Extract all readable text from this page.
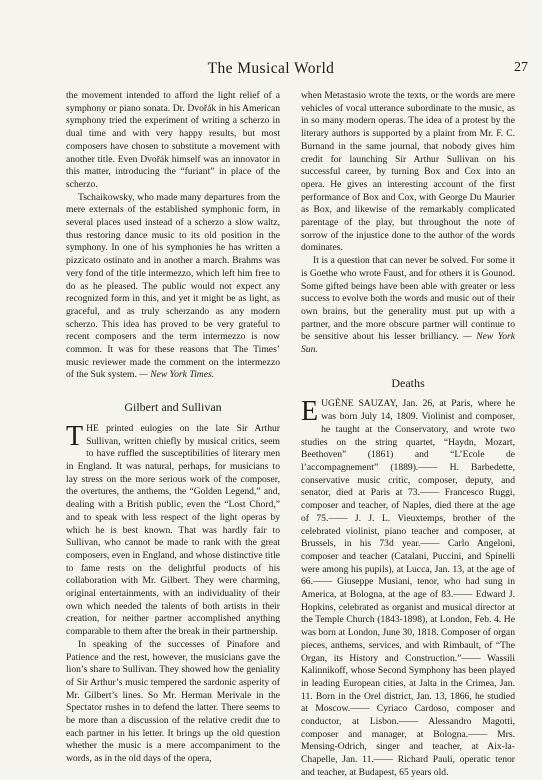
The Musical World	27

the movement intended to afford the light relief of a symphony or piano sonata. Dr. Dvořák in his American symphony tried the experiment of writing a scherzo in dual time and with very happy results, but most composers have chosen to substitute a movement with another title. Even Dvořák himself was an innovator in this matter, introducing the “furiant” in place of the scherzo.

Tschaikowsky, who made many departures from the mere externals of the established symphonic form, in several places used instead of a scherzo a slow waltz, thus restoring dance music to its old position in the symphony. In one of his symphonies he has written a pizzicato ostinato and in another a march. Brahms was very fond of the title intermezzo, which left him free to do as he pleased. The public would not expect any recognized form in this, and yet it might be as light, as graceful, and as truly scherzando as any modern scherzo. This idea has proved to be very grateful to recent composers and the term intermezzo is now common. It was for these reasons that The Times’ music reviewer made the comment on the intermezzo of the Suk system. — New York Times.

Gilbert and Sullivan

THE printed eulogies on the late Sir Arthur Sullivan, written chiefly by musical critics, seem to have ruffled the susceptibilities of literary men in England. It was natural, perhaps, for musicians to lay stress on the more serious work of the composer, the overtures, the anthems, the “Golden Legend,” and, dealing with a British public, even the “Lost Chord,” and to speak with less respect of the light operas by which he is best known. That was hardly fair to Sullivan, who cannot be made to rank with the great composers, even in England, and whose distinctive title to fame rests on the delightful products of his collaboration with Mr. Gilbert. They were charming, original entertainments, with an individuality of their own which needed the talents of both artists in their creation, for neither partner accomplished anything comparable to them after the break in their partnership.

In speaking of the successes of Pinafore and Patience and the rest, however, the musicians gave the lion’s share to Sullivan. They showed how the geniality of Sir Arthur’s music tempered the sardonic asperity of Mr. Gilbert’s lines. So Mr. Herman Merivale in the Spectator rushes in to defend the latter. There seems to be more than a discussion of the relative credit due to each partner in his letter. It brings up the old question whether the music is a mere accompaniment to the words, as in the old days of the opera,

when Metastasio wrote the texts, or the words are mere vehicles of vocal utterance subordinate to the music, as in so many modern operas. The idea of a protest by the literary authors is supported by a plaint from Mr. F. C. Burnand in the same journal, that nobody gives him credit for launching Sir Arthur Sullivan on his successful career, by turning Box and Cox into an opera. He gives an interesting account of the first performance of Box and Cox, with George Du Maurier as Box, and likewise of the remarkably complicated parentage of the play, but throughout the note of sorrow of the injustice done to the author of the words dominates.

It is a question that can never be solved. For some it is Goethe who wrote Faust, and for others it is Gounod. Some gifted beings have been able with greater or less success to evolve both the words and music out of their own brains, but the generality must put up with a partner, and the more obscure partner will continue to be sensitive about his lesser brilliancy. — New York Sun.

Deaths

EUGÈNE SAUZAY, Jan. 26, at Paris, where he was born July 14, 1809. Violinist and composer, he taught at the Conservatory, and wrote two studies on the string quartet, “Haydn, Mozart, Beethoven” (1861) and “L’Ecole de l’accompagnement” (1889).—— H. Barbedette, conservative music critic, composer, deputy, and senator, died at Paris at 73.—— Francesco Ruggi, composer and teacher, of Naples, died there at the age of 75.—— J. J. L. Vieuxtemps, brother of the celebrated violinist, piano teacher and composer, at Brussels, in his 73d year.—— Carlo Angeloni, composer and teacher (Catalani, Puccini, and Spinelli were among his pupils), at Lucca, Jan. 13, at the age of 66.—— Giuseppe Musiani, tenor, who had sung in America, at Bologna, at the age of 83.—— Edward J. Hopkins, celebrated as organist and musical director at the Temple Church (1843-1898), at London, Feb. 4. He was born at London, June 30, 1818. Composer of organ pieces, anthems, services, and with Rimbault, of “The Organ, its History and Construction.”—— Wassili Kalinnikoff, whose Second Symphony has been played in leading European cities, at Jalta in the Crimea, Jan. 11. Born in the Orel district, Jan. 13, 1866, he studied at Moscow.—— Cyriaco Cardoso, composer and conductor, at Lisbon.—— Alessandro Magotti, composer and manager, at Bologna.—— Mrs. Mensing-Odrich, singer and teacher, at Aix-la-Chapelle, Jan. 11.—— Richard Pauli, operatic tenor and teacher, at Budapest, 65 years old.
